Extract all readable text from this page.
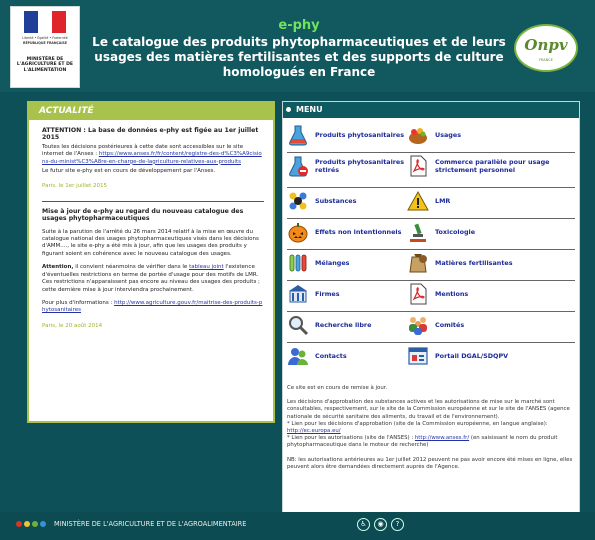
Liberté • Égalité • Fraternité
RÉPUBLIQUE FRANÇAISE
MINISTÈRE DE L'AGRICULTURE ET DE L'ALIMENTATION
e-phy
Le catalogue des produits phytopharmaceutiques et de leurs usages des matières fertilisantes et des supports de culture homologués en France
Onpv
FRANCE
ACTUALITÉ

ATTENTION : La base de données e-phy est figée au 1er juillet 2015

Toutes les décisions postérieures à cette date sont accessibles sur le site internet de l'Anses : https://www.anses.fr/fr/content/registre-des-d%C3%A9cisions-du-minist%C3%A8re-en-charge-de-lagriculture-relatives-aux-produits

Le futur site e-phy est en cours de développement par l'Anses.

Paris, le 1er juillet 2015

Mise à jour de e-phy au regard du nouveau catalogue des usages phytopharmaceutiques

Suite à la parution de l'arrêté du 26 mars 2014 relatif à la mise en œuvre du catalogue national des usages phytopharmaceutiques visés dans les décisions d'AMM...., le site e-phy a été mis à jour, afin que les usages des produits y figurant soient en cohérence avec le nouveau catalogue des usages.

Attention, il convient néanmoins de vérifier dans le tableau joint l'existence d'éventuelles restrictions en terme de portée d'usage pour des motifs de LMR. Ces restrictions n'apparaissent pas encore au niveau des usages des produits ; cette dernière mise à jour interviendra prochainement.

Pour plus d'informations : http://www.agriculture.gouv.fr/maitrise-des-produits-phytosanitaires

Paris, le 20 août 2014

MENU
Produits phytosanitaires	Usages
Produits phytosanitaires retirés
Commerce parallèle pour usage strictement personnel
Substances	LMR
Effets non intentionnels	Toxicologie
Mélanges	Matières fertilisantes
Firmes	Mentions
Recherche libre	Comités
Contacts	Portail DGAL/SDQPV

Ce site est en cours de remise à jour.

Les décisions d'approbation des substances actives et les autorisations de mise sur le marché sont consultables, respectivement, sur le site de la Commission européenne et sur le site de l'ANSES (agence nationale de sécurité sanitaire des aliments, du travail et de l'environnement).

* Lien pour les décisions d'approbation (site de la Commission européenne, en langue anglaise): http://ec.europa.eu/

* Lien pour les autorisations (site de l'ANSES) : http://www.anses.fr/ (en saisissant le nom du produit phytopharmaceutique dans le moteur de recherche)

NB: les autorisations antérieures au 1er juillet 2012 peuvent ne pas avoir encore été mises en ligne, elles peuvent alors être demandées directement auprès de l'Agence.

MINISTÈRE DE L'AGRICULTURE ET DE L'AGROALIMENTAIRE	♿	◉	?
